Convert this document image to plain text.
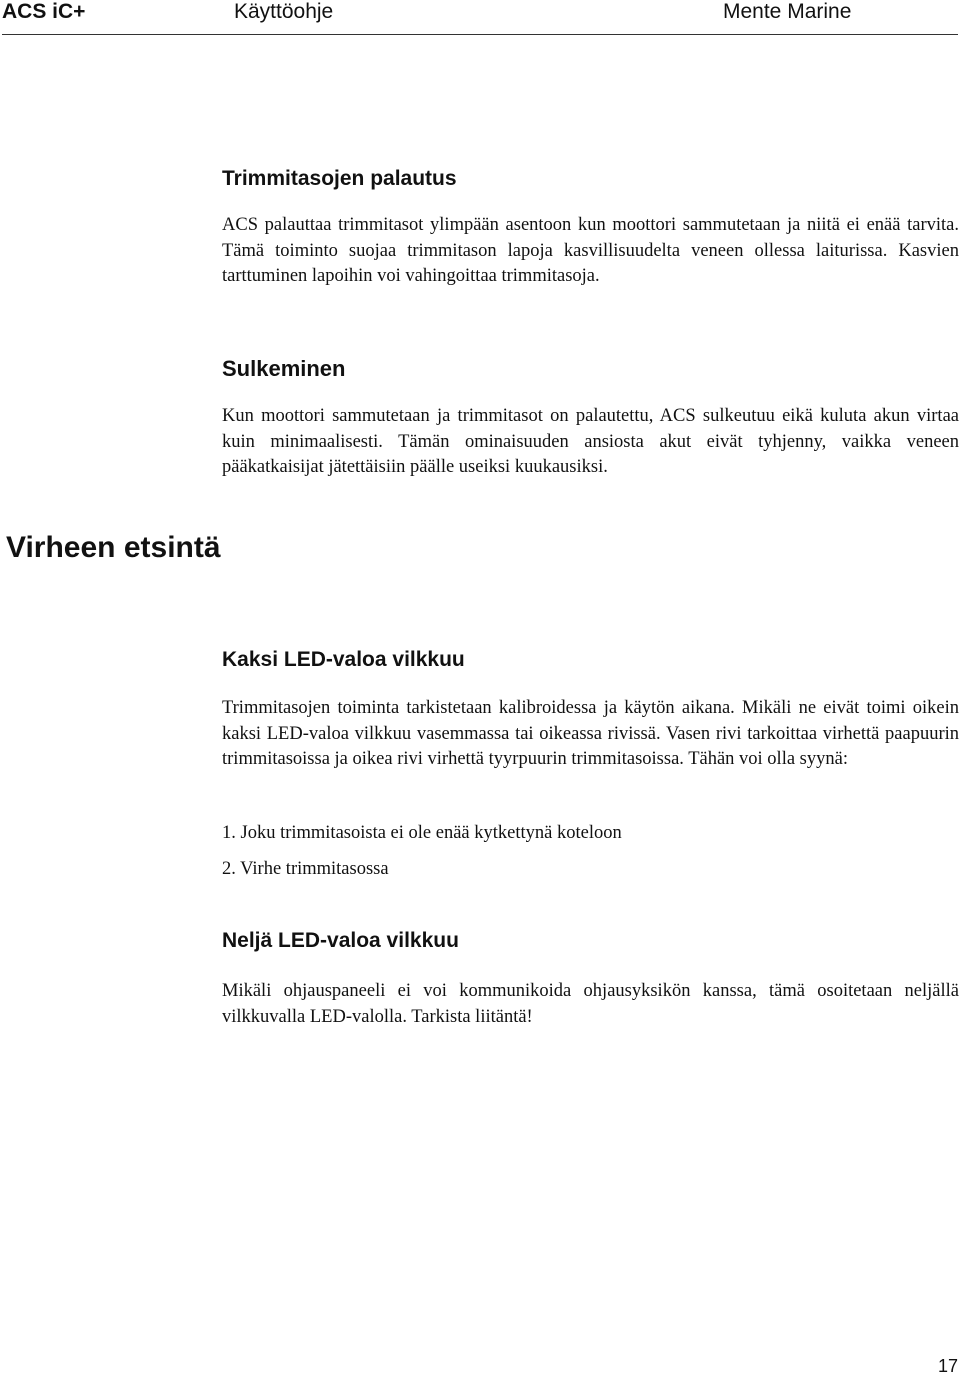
ACS iC+	Käyttöohje	Mente Marine
Trimmitasojen palautus

ACS palauttaa trimmitasot ylimpään asentoon kun moottori sammutetaan ja niitä ei enää tarvita. Tämä toiminto suojaa trimmitason lapoja kasvillisuudelta veneen ollessa laiturissa. Kasvien tarttuminen lapoihin voi vahingoittaa trimmitasoja.

Sulkeminen

Kun moottori sammutetaan ja trimmitasot on palautettu, ACS sulkeutuu eikä kuluta akun virtaa kuin minimaalisesti. Tämän ominaisuuden ansiosta akut eivät tyhjenny, vaikka veneen pääkatkaisijat jätettäisiin päälle useiksi kuukausiksi.

Virheen etsintä
Kaksi LED-valoa vilkkuu

Trimmitasojen toiminta tarkistetaan kalibroidessa ja käytön aikana. Mikäli ne eivät toimi oikein kaksi LED-valoa vilkkuu vasemmassa tai oikeassa rivissä. Vasen rivi tarkoittaa virhettä paapuurin trimmitasoissa ja oikea rivi virhettä tyyrpuurin trimmitasoissa. Tähän voi olla syynä:

1. Joku trimmitasoista ei ole enää kytkettynä koteloon

2. Virhe trimmitasossa

Neljä LED-valoa vilkkuu

Mikäli ohjauspaneeli ei voi kommunikoida ohjausyksikön kanssa, tämä osoitetaan neljällä vilkkuvalla LED-valolla. Tarkista liitäntä!

17
